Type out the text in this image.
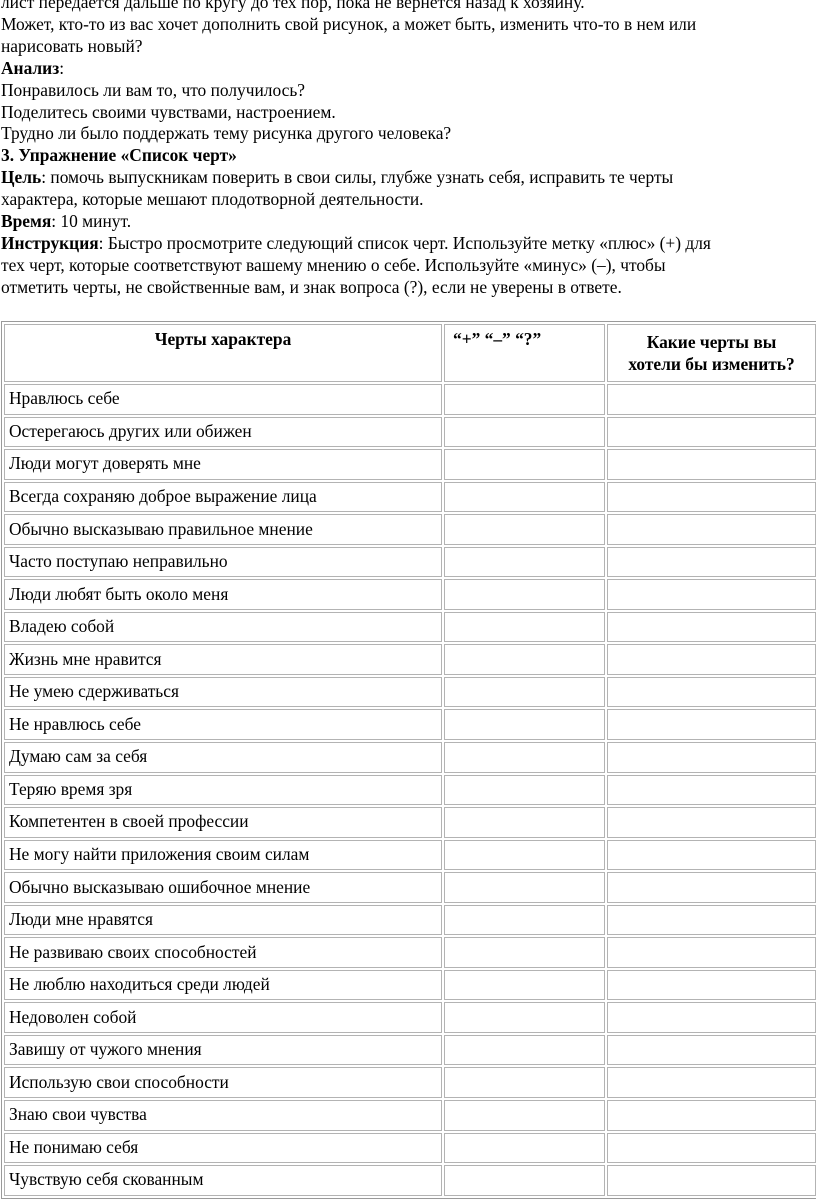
лист передается дальше по кругу до тех пор, пока не вернется назад к хозяину.

Может, кто-то из вас хочет дополнить свой рисунок, а может быть, изменить что-то в нем или

нарисовать новый?

Анализ:

Понравилось ли вам то, что получилось?

Поделитесь своими чувствами, настроением.

Трудно ли было поддержать тему рисунка другого человека?

3. Упражнение «Список черт»

Цель: помочь выпускникам поверить в свои силы, глубже узнать себя, исправить те черты

характера, которые мешают плодотворной деятельности.

Время: 10 минут.

Инструкция: Быстро просмотрите следующий список черт. Используйте метку «плюс» (+) для

тех черт, которые соответствуют вашему мнению о себе. Используйте «минус» (–), чтобы

отметить черты, не свойственные вам, и знак вопроса (?), если не уверены в ответе.

Черты характера	“+” “–” “?”	Какие черты вы
хотели бы изменить?
Нравлюсь себе		
Остерегаюсь других или обижен		
Люди могут доверять мне		
Всегда сохраняю доброе выражение лица		
Обычно высказываю правильное мнение		
Часто поступаю неправильно		
Люди любят быть около меня		
Владею собой		
Жизнь мне нравится		
Не умею сдерживаться		
Не нравлюсь себе		
Думаю сам за себя		
Теряю время зря		
Компетентен в своей профессии		
Не могу найти приложения своим силам		
Обычно высказываю ошибочное мнение		
Люди мне нравятся		
Не развиваю своих способностей		
Не люблю находиться среди людей		
Недоволен собой		
Завишу от чужого мнения		
Использую свои способности		
Знаю свои чувства		
Не понимаю себя		
Чувствую себя скованным		
